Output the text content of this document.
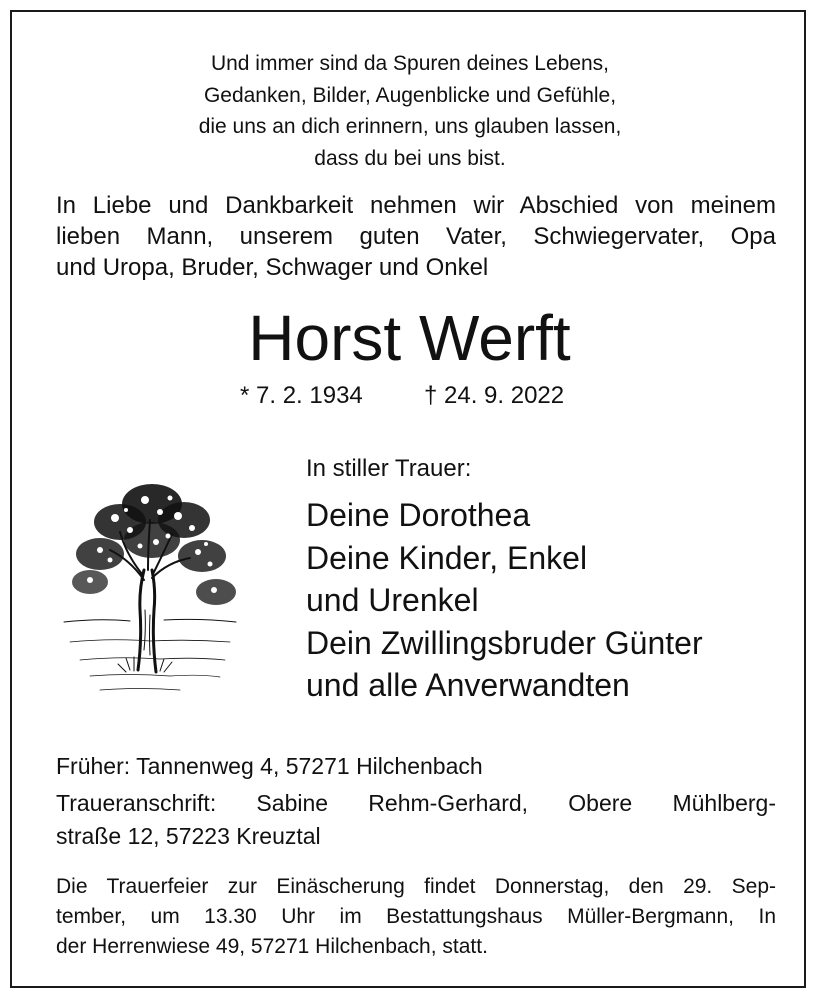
Und immer sind da Spuren deines Lebens,
Gedanken, Bilder, Augenblicke und Gefühle,
die uns an dich erinnern, uns glauben lassen,
dass du bei uns bist.
In Liebe und Dankbarkeit nehmen wir Abschied von meinem
lieben Mann, unserem guten Vater, Schwiegervater, Opa
und Uropa, Bruder, Schwager und Onkel
Horst Werft
* 7. 2. 1934	† 24. 9. 2022
In stiller Trauer:
Deine Dorothea
Deine Kinder, Enkel
und Urenkel
Dein Zwillingsbruder Günter
und alle Anverwandten
Früher: Tannenweg 4, 57271 Hilchenbach
Traueranschrift: Sabine Rehm-Gerhard, Obere Mühlberg-
straße 12, 57223 Kreuztal
Die Trauerfeier zur Einäscherung findet Donnerstag, den 29. Sep-
tember, um 13.30 Uhr im Bestattungshaus Müller-Bergmann, In
der Herrenwiese 49, 57271 Hilchenbach, statt.
